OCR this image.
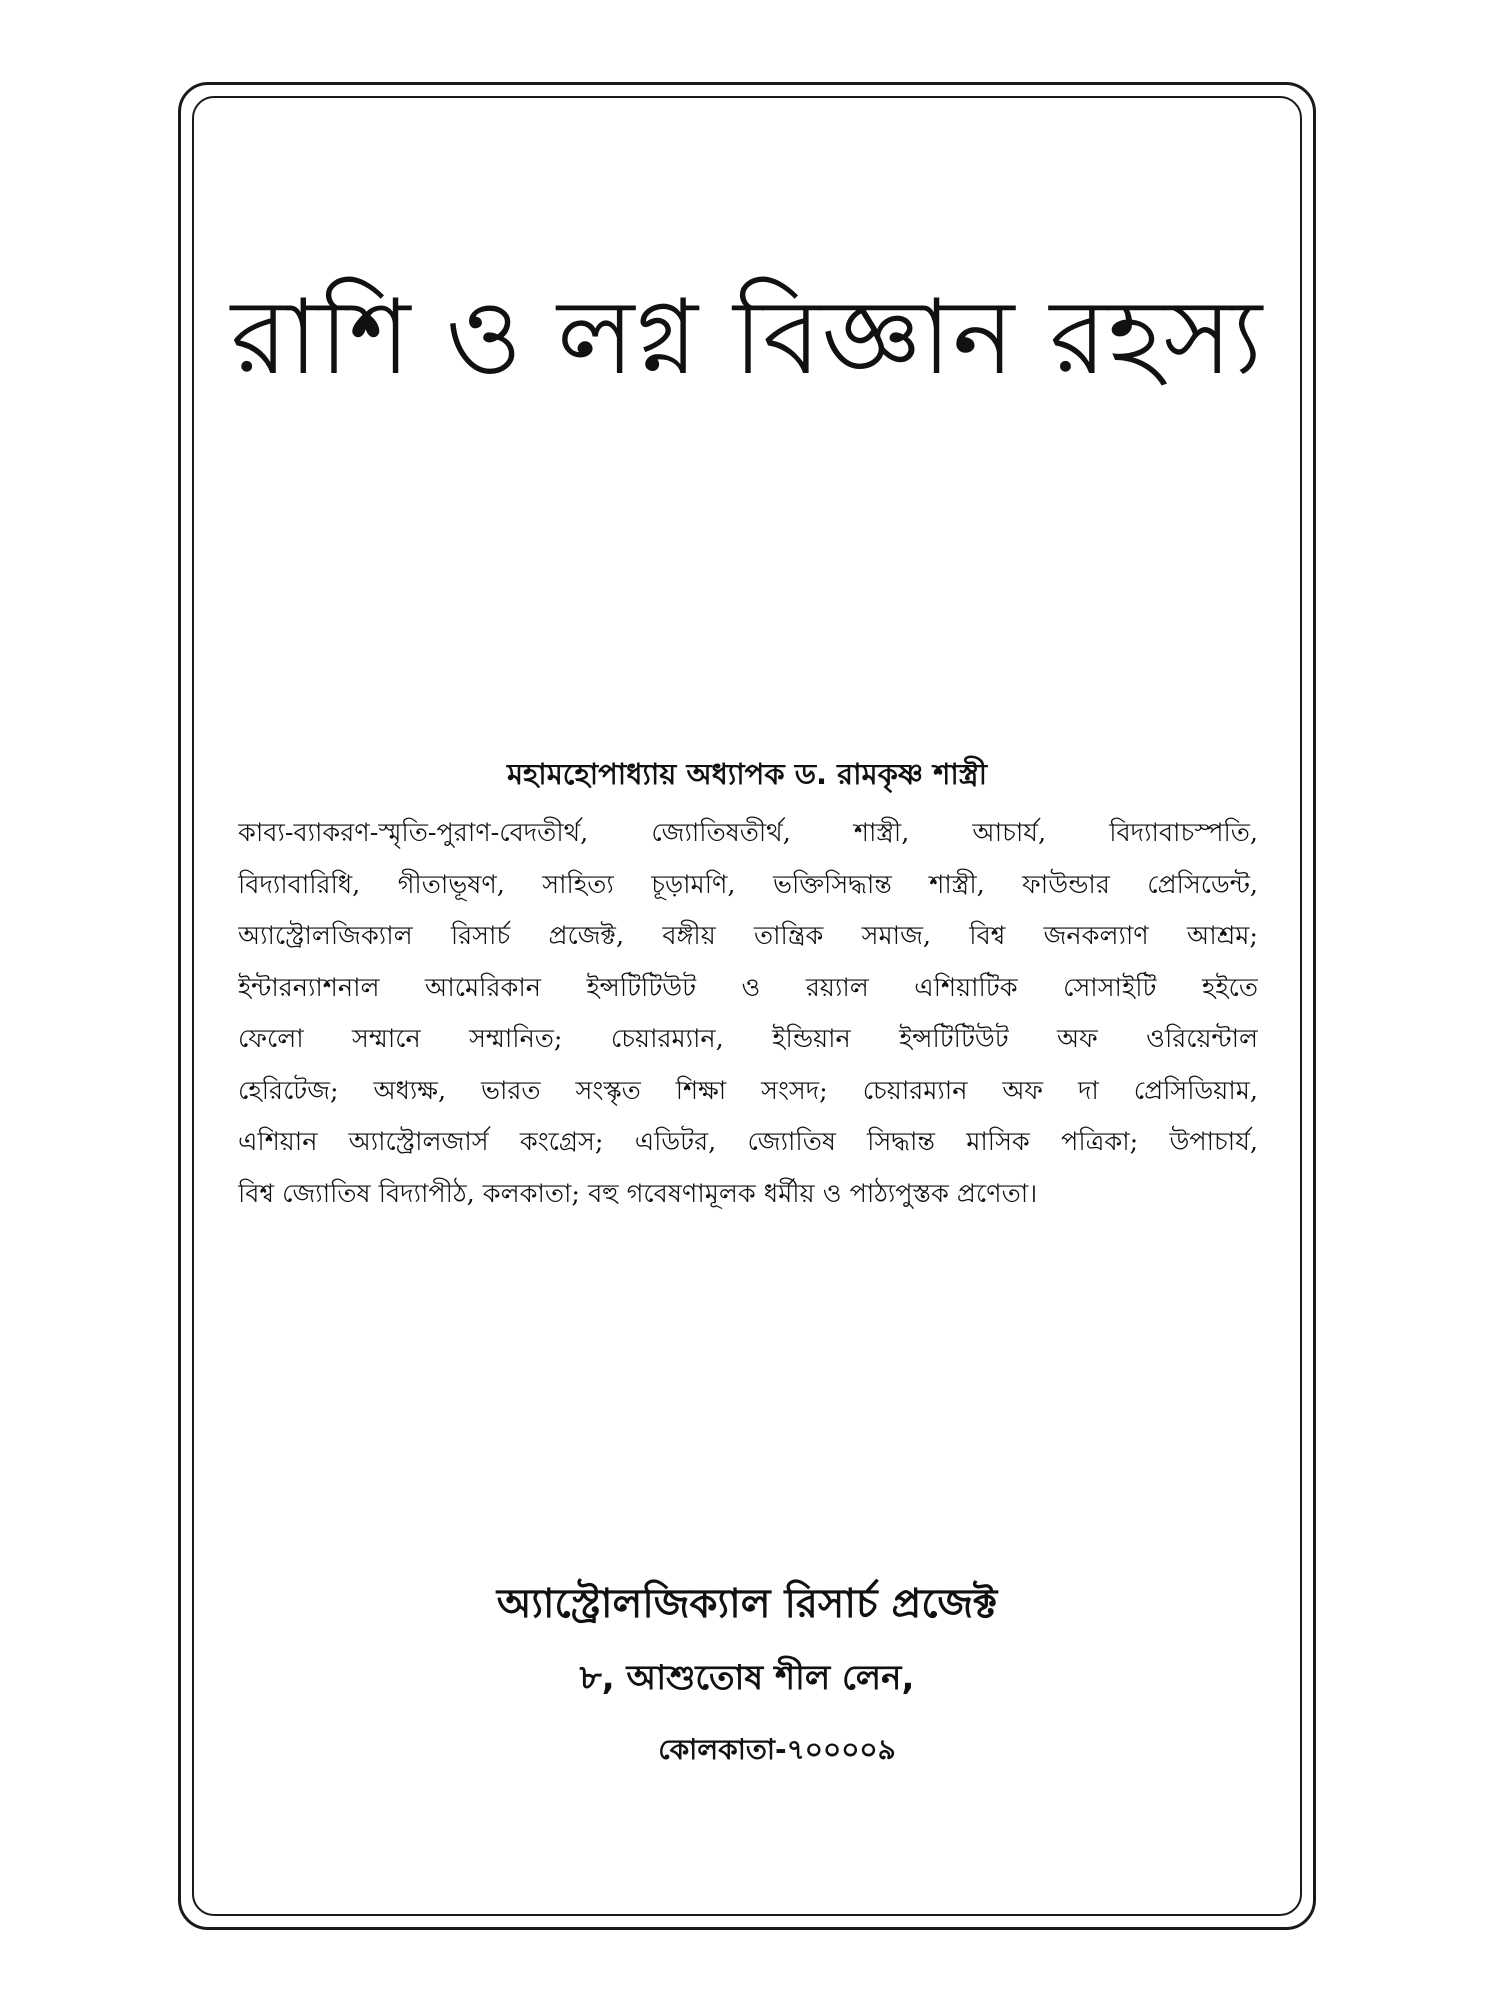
রাশি ও লগ্ন বিজ্ঞান রহস্য
মহামহোপাধ্যায় অধ্যাপক ড. রামকৃষ্ণ শাস্ত্রী
কাব্য-ব্যাকরণ-স্মৃতি-পুরাণ-বেদতীর্থ, জ্যোতিষতীর্থ, শাস্ত্রী, আচার্য, বিদ্যাবাচস্পতি,
বিদ্যাবারিধি, গীতাভূষণ, সাহিত্য চূড়ামণি, ভক্তিসিদ্ধান্ত শাস্ত্রী, ফাউন্ডার প্রেসিডেন্ট,
অ্যাস্ট্রোলজিক্যাল রিসার্চ প্রজেক্ট, বঙ্গীয় তান্ত্রিক সমাজ, বিশ্ব জনকল্যাণ আশ্রম;
ইন্টারন্যাশনাল আমেরিকান ইন্সটিটিউট ও রয়্যাল এশিয়াটিক সোসাইটি হইতে
ফেলো সম্মানে সম্মানিত; চেয়ারম্যান, ইন্ডিয়ান ইন্সটিটিউট অফ ওরিয়েন্টাল
হেরিটেজ; অধ্যক্ষ, ভারত সংস্কৃত শিক্ষা সংসদ; চেয়ারম্যান অফ দা প্রেসিডিয়াম,
এশিয়ান অ্যাস্ট্রোলজার্স কংগ্রেস; এডিটর, জ্যোতিষ সিদ্ধান্ত মাসিক পত্রিকা; উপাচার্য,
বিশ্ব জ্যোতিষ বিদ্যাপীঠ, কলকাতা; বহু গবেষণামূলক ধর্মীয় ও পাঠ্যপুস্তক প্রণেতা।
অ্যাস্ট্রোলজিক্যাল রিসার্চ প্রজেক্ট
৮, আশুতোষ শীল লেন,
কোলকাতা-৭০০০০৯
